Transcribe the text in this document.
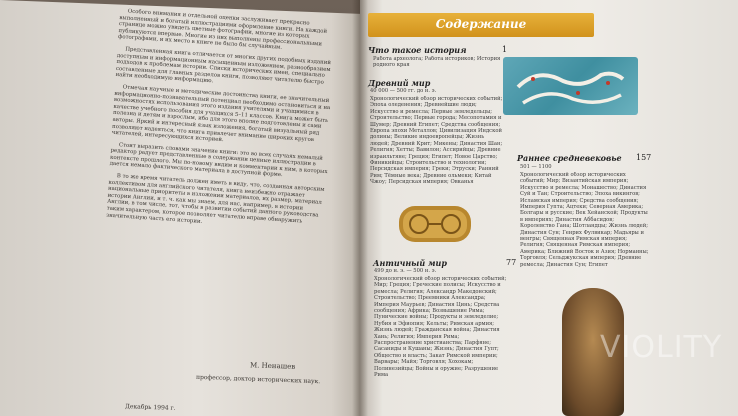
Особого внимания и отдельной оценки заслуживает прекрасно выполненный и богатый иллюстрациями оформление книги. На каждой странице можно увидеть цветные фотографии, многие из которых публикуются впервые. Многие из них выполнены профессиональными фотографами, и их место в книге не было бы случайным.

Представленная книга отличается от многих других подобных изданий доступным и информационным насыщенным изложением, разнообразием подходов к проблемам истории. Списки исторических имен, специально составленные для главных разделов книги, позволяют читателю быстро найти необходимую информацию.

Отмечая научные и методические достоинства книги, ее значительный информационно-познавательный потенциал необходимо остановиться и на возможностях использования этого издания учителями и учащимися в качестве учебного пособия для учащихся 5–11 классов. Книга может быть полезна и детям и взрослым, ибо для этого вполне подготовлены и сами авторы. Яркий и интересный язык изложения, богатый визуальный ряд позволяют надеяться, что книга привлечет внимание широких кругов читателей, интересующихся историей.

Стоит выразить словами значение книги: это во всех случаях немалый редактор радует представленные в содержании ценные иллюстрации в контексте прошлого. Мы по-новому видим и комментарии к ним, в которых дается немало фактического материала в доступной форме.

В то же время читатель должен иметь в виду, что, созданная авторским коллективом для английского читателя, книга неизбежно отражает национальные приоритеты в изложении материалов, их размер, материал истории Англии, и т. ч. как мы знаем, для нас, например, в истории Англии, в том числе, тот, чтобы в развитии событий данного руководства таким характером, которое позволяет читателю вправе обнаружить значительную часть его истории.

М. Ненашев
профессор, доктор исторических наук.
Декабрь 1994 г.
Содержание
Что такое история	1
Работа археолога; Работа историков; История родного края
Древний мир
40 000 — 500 гг. до н. э.
Хронологический обзор исторических событий; Эпоха оледенения; Древнейшие люди; Искусство и ремесла; Первые земледельцы; Строительство; Первые города; Месопотамия и Шумер; Древний Египет; Средства сообщения; Европа эпохи Металлов; Цивилизация Индской долины; Великие индоевропейцы; Жизнь людей; Древний Крит; Микены; Династия Шан; Религия; Хетты; Вавилон; Ассирийцы; Древние израильтяне; Греция; Египет; Новое Царство; Финикийцы; Строительство и технологии; Персидская империя; Греки; Этруски; Ранний Рим; Тёмные века; Древние ольмеки; Китай Чжоу; Персидская империя; Овканья
Раннее средневековье 157
501 — 1100
Хронологический обзор исторических событий; Мир; Византийская империя; Искусство и ремесла; Монашество; Династия Суй и Тан; Строительство; Эпоха викингов; Исламская империя; Средства сообщения; Империя Гупта; Ацтеки; Северная Америка; Болгары и русские; Век Хейанской; Продукты в империях; Династия Аббасидов; Королевство Гана; Шотландцы; Жизнь людей; Династия Сун; Генрих Фулвикар; Мадьяры и венгры; Священная Римская империя; Религия; Священная Римская империя; Америка; Ближний Восток и Азия; Норманны; Торговля; Сельджукская империя; Древние ремесла; Династия Сун; Египет
Античный мир	77
499 до н. э. — 500 н. э.
Хронологический обзор исторических событий; Мир; Греция; Греческие полисы; Искусство и ремесла; Религия; Александр Македонский; Строительство; Преемники Александра; Империя Маурьев; Династия Цинь; Средства сообщения; Африка; Возвышение Рима; Пунические войны; Продукты и земледелие; Нубия и Эфиопия; Кельты; Римская армия; Жизнь людей; Гражданская война; Династия Хань; Религия; Империя Рима; Распространение христианства; Парфяне; Сасаниды и Кушаны; Жизнь; Династия Гупт; Общество и власть; Закат Римской империи; Варвары; Майя; Торговля; Хохокам; Полинезийцы; Войны и оружие; Разрушение Рима
VIOLITY
